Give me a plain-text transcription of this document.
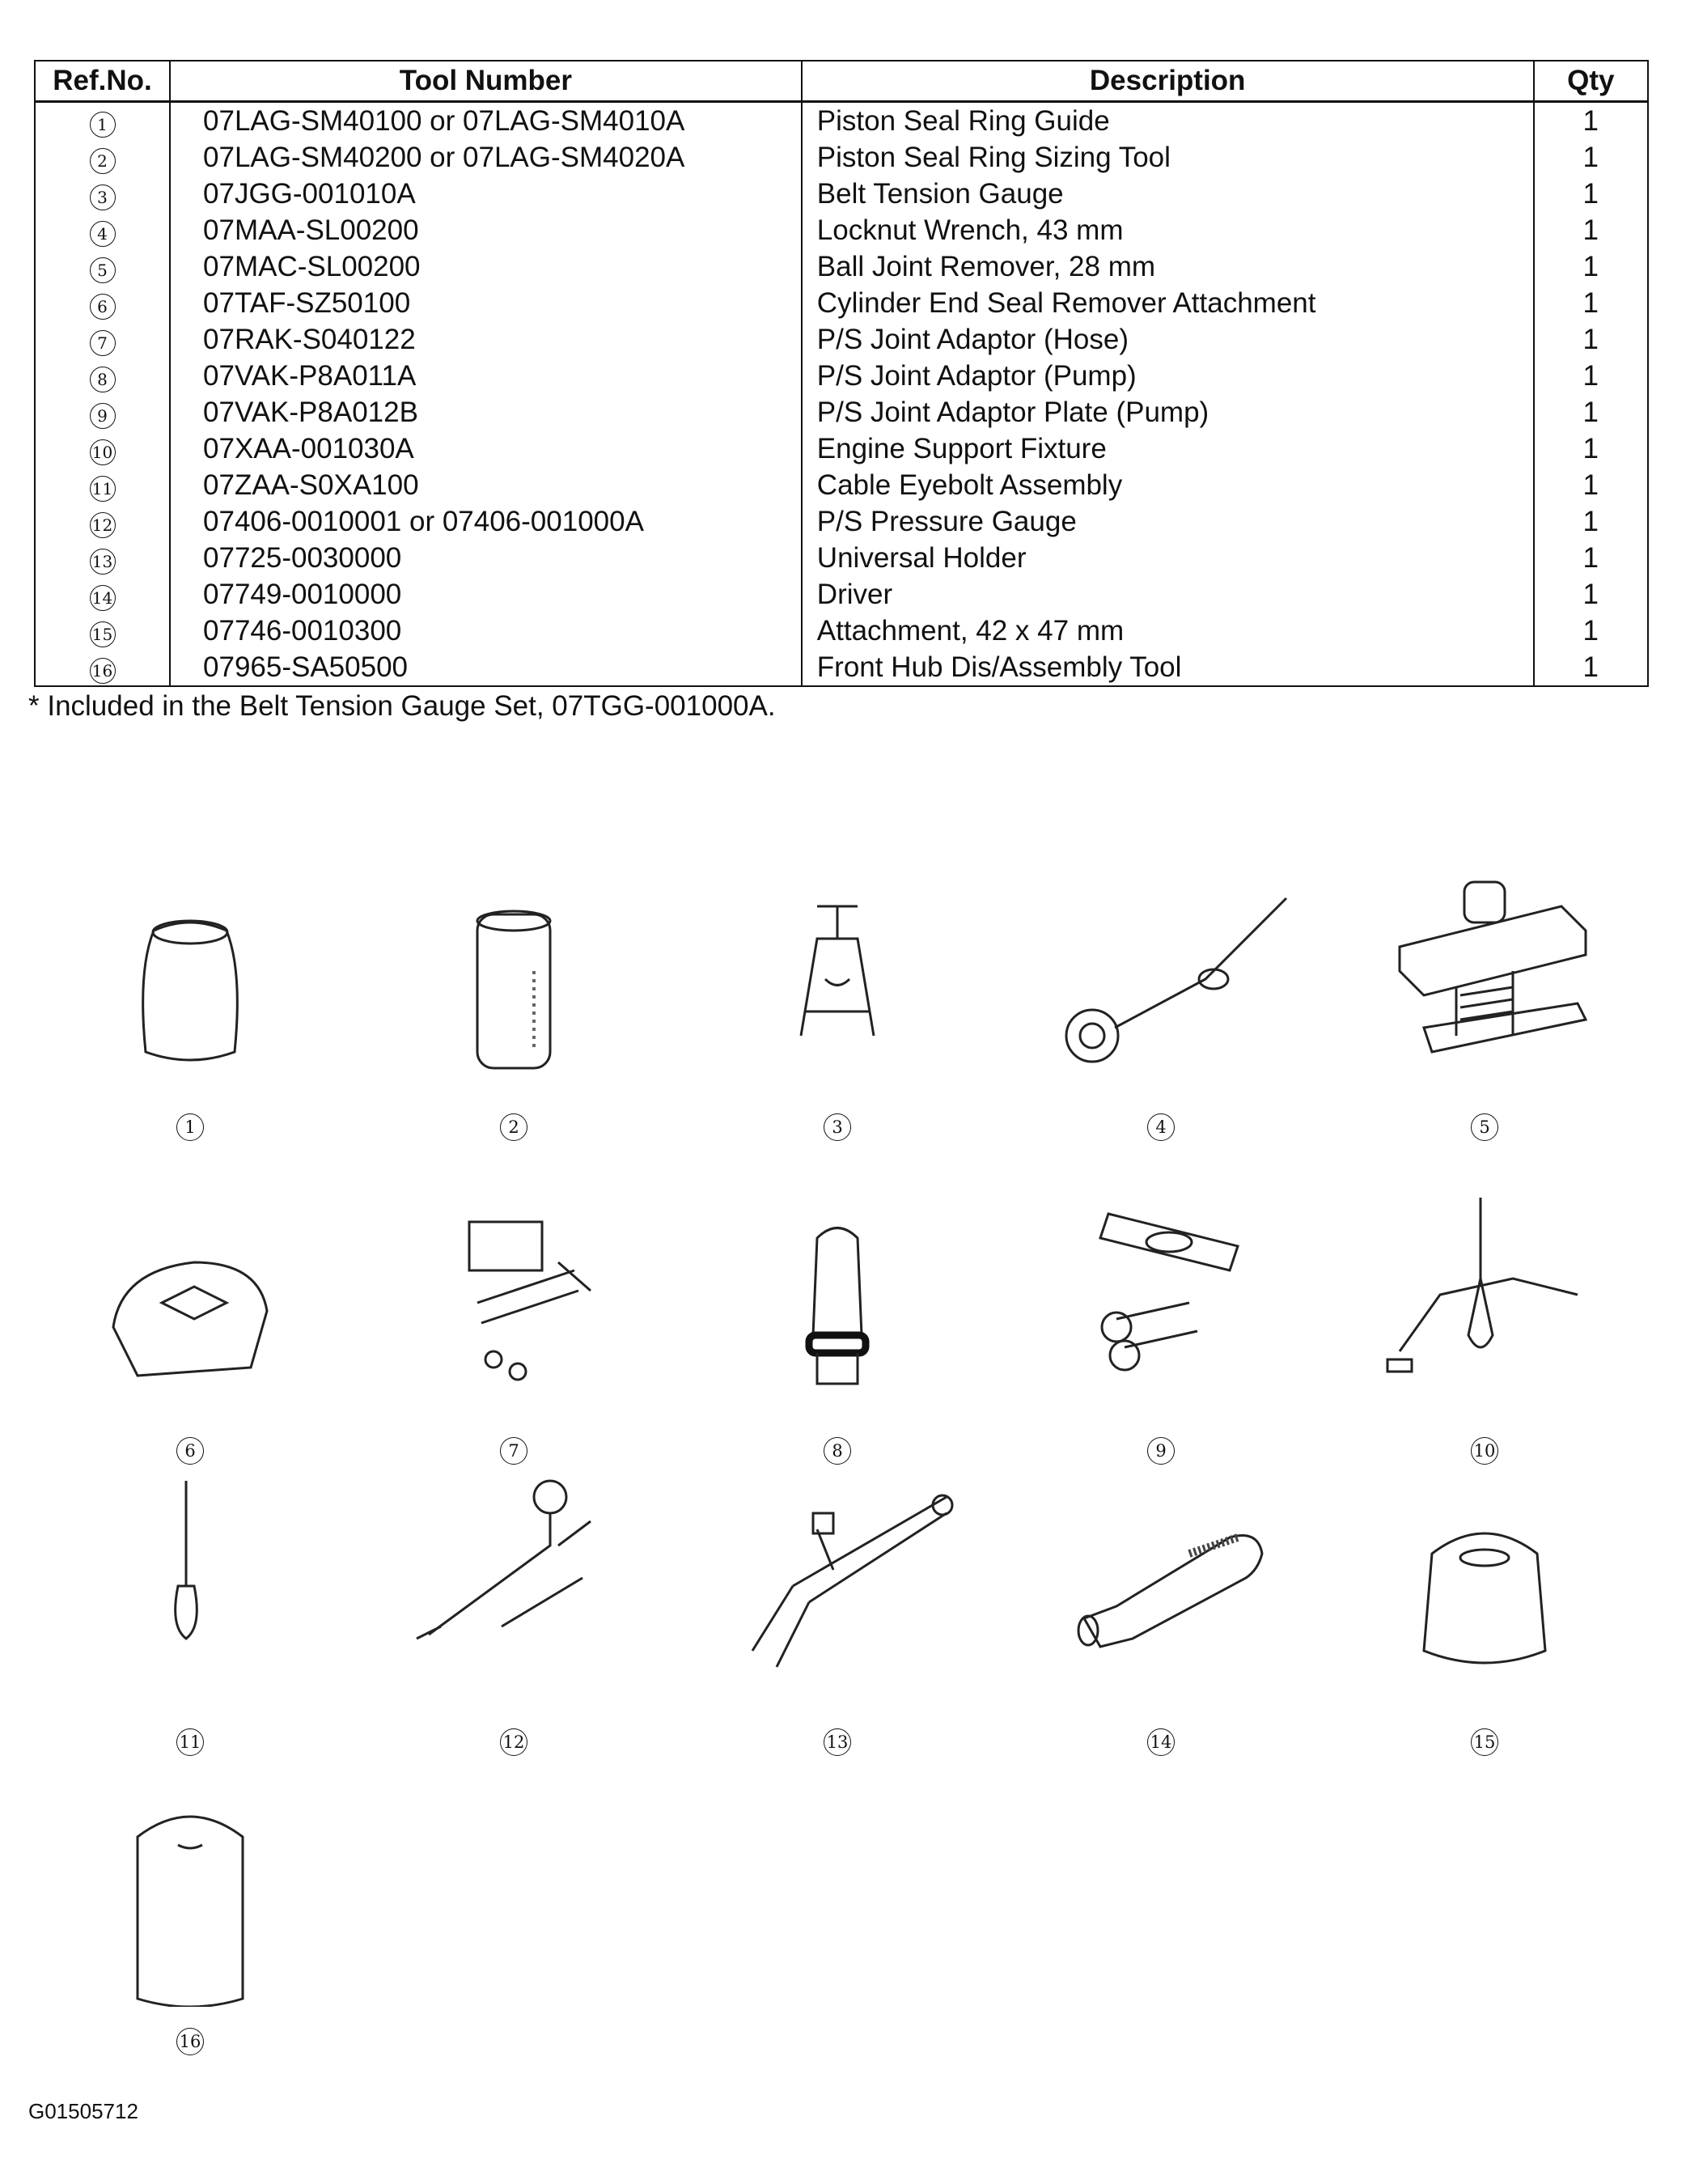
Ref.No.	Tool Number	Description	Qty
1	07LAG-SM40100 or 07LAG-SM4010A	Piston Seal Ring Guide	1
2	07LAG-SM40200 or 07LAG-SM4020A	Piston Seal Ring Sizing Tool	1
3	07JGG-001010A	Belt Tension Gauge	1
4	07MAA-SL00200	Locknut Wrench, 43 mm	1
5	07MAC-SL00200	Ball Joint Remover, 28 mm	1
6	07TAF-SZ50100	Cylinder End Seal Remover Attachment	1
7	07RAK-S040122	P/S Joint Adaptor (Hose)	1
8	07VAK-P8A011A	P/S Joint Adaptor (Pump)	1
9	07VAK-P8A012B	P/S Joint Adaptor Plate (Pump)	1
10	07XAA-001030A	Engine Support Fixture	1
11	07ZAA-S0XA100	Cable Eyebolt Assembly	1
12	07406-0010001 or 07406-001000A	P/S Pressure Gauge	1
13	07725-0030000	Universal Holder	1
14	07749-0010000	Driver	1
15	07746-0010300	Attachment, 42 x 47 mm	1
16	07965-SA50500	Front Hub Dis/Assembly Tool	1
* Included in the Belt Tension Gauge Set, 07TGG-001000A.
1	2	3	4	5
6	7	8	9	10
11	12	13	14	15
16
G01505712
